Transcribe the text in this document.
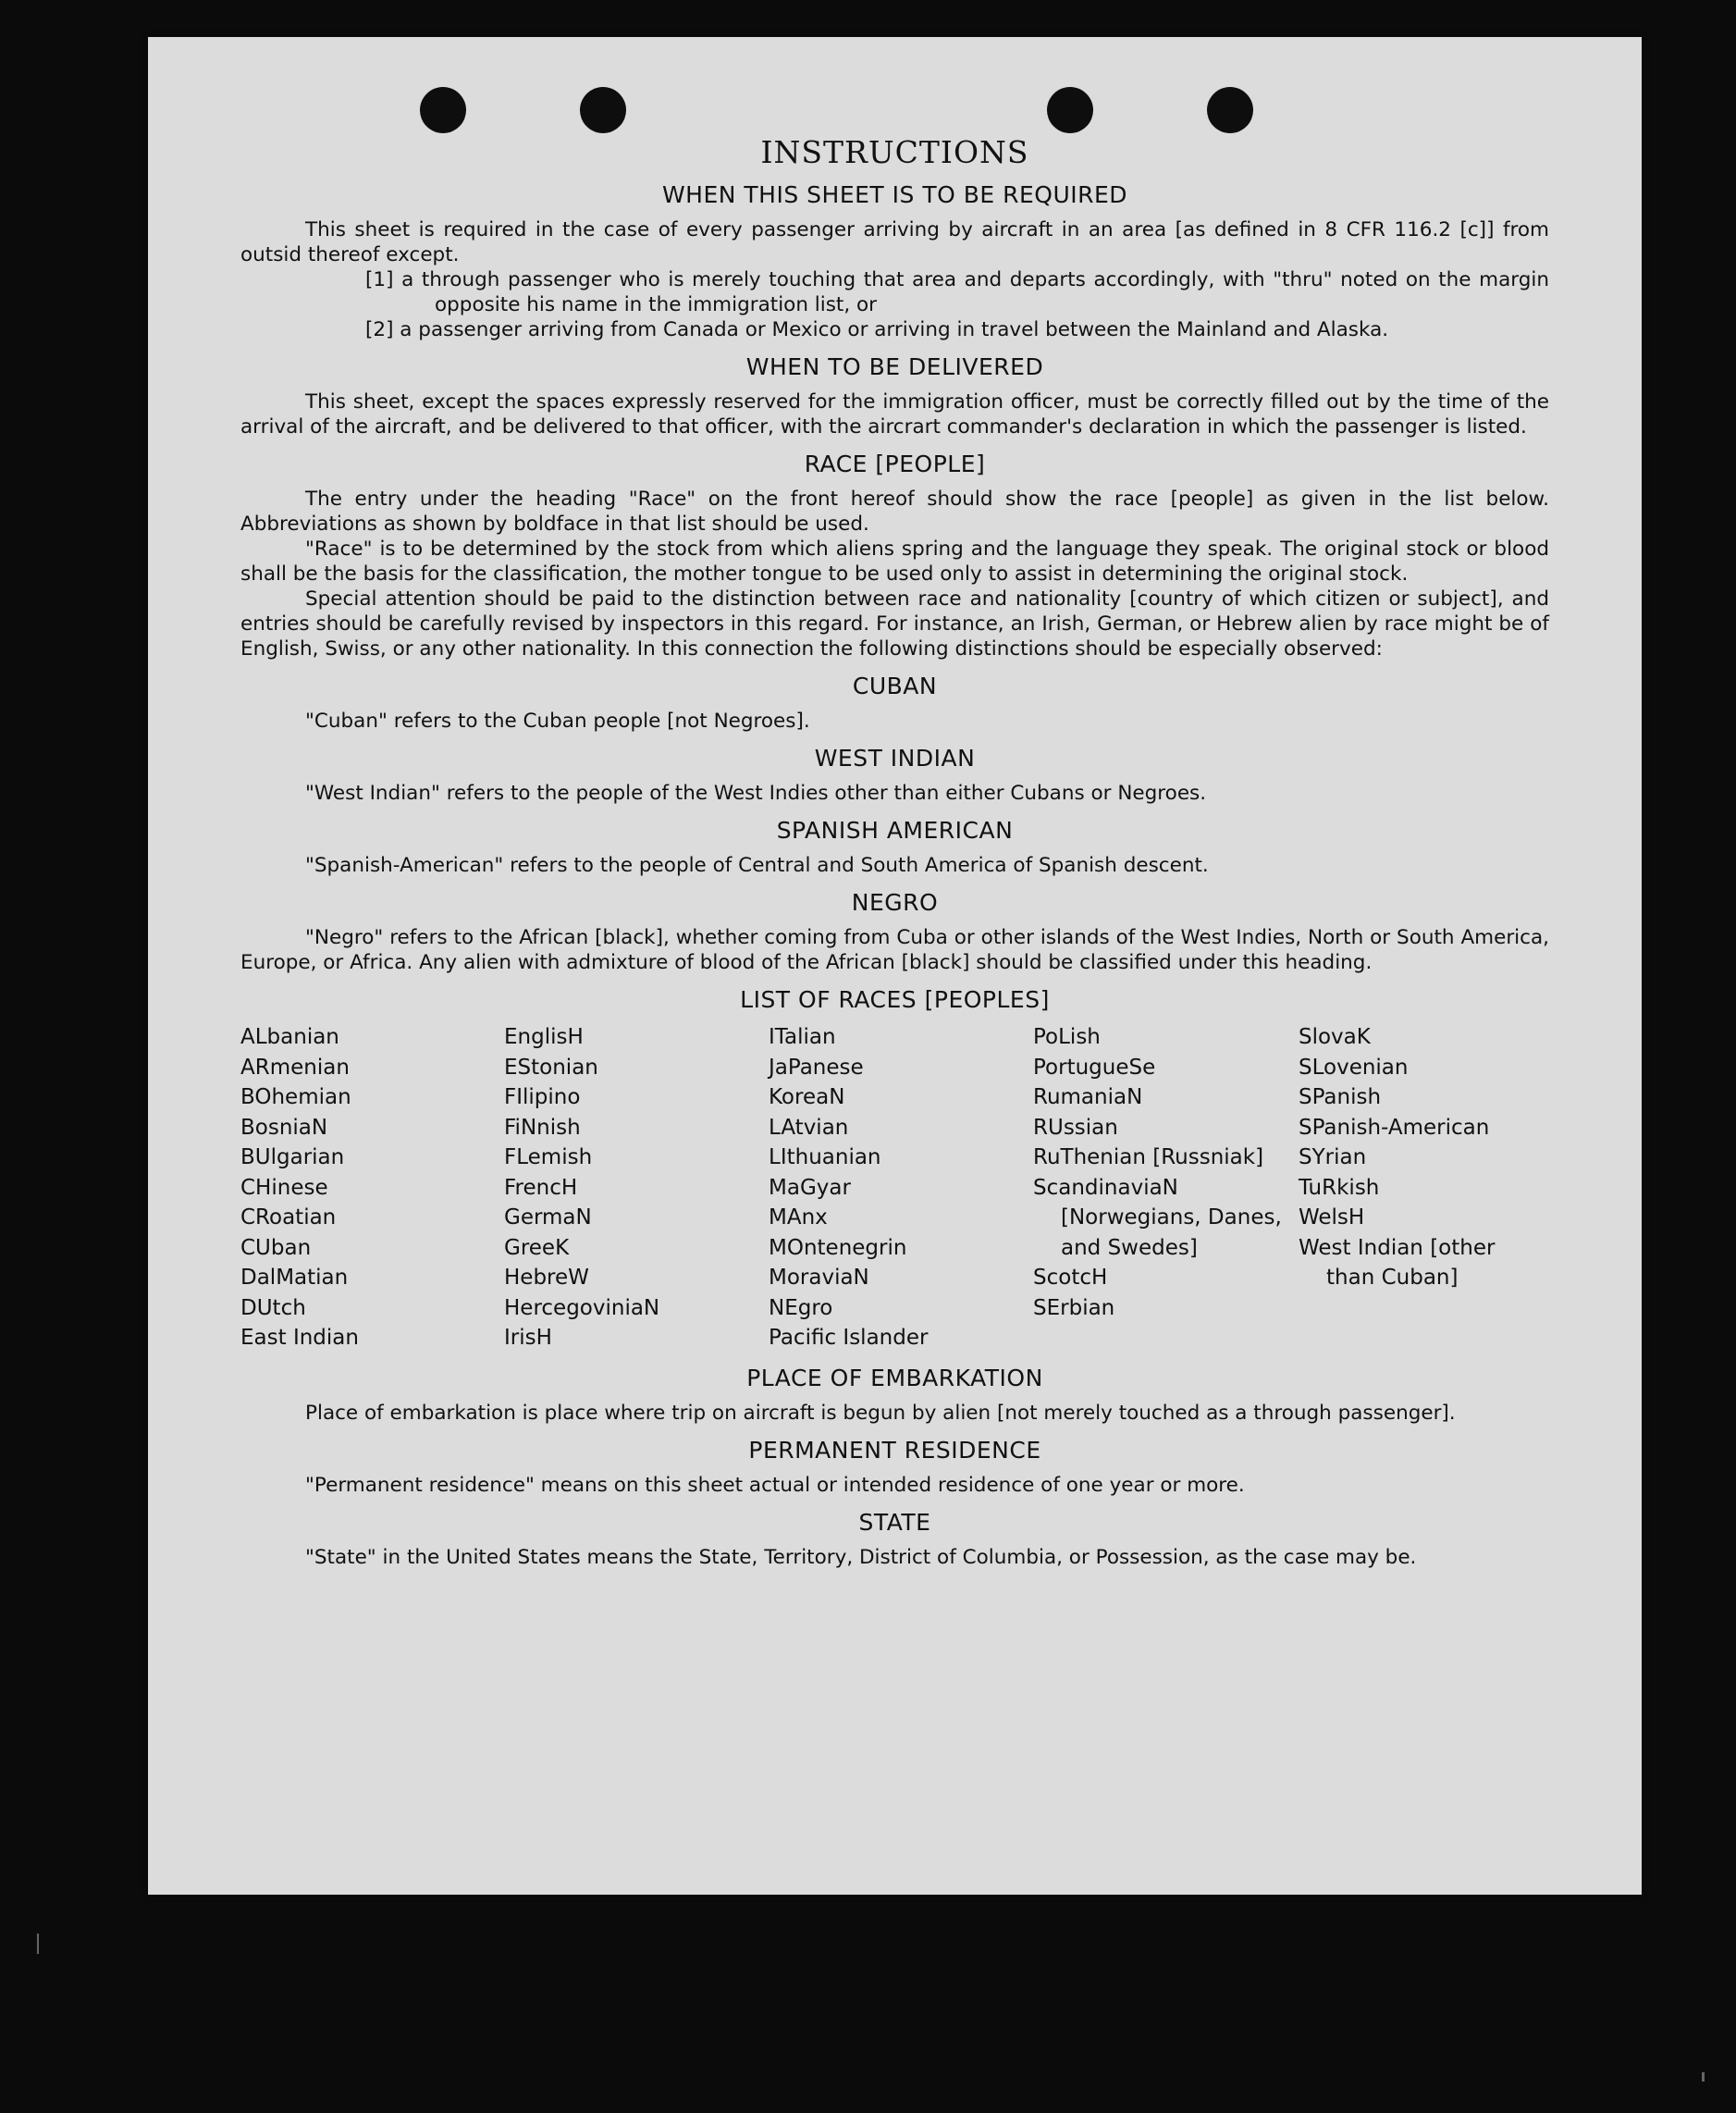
INSTRUCTIONS
WHEN THIS SHEET IS TO BE REQUIRED

This sheet is required in the case of every passenger arriving by aircraft in an area [as defined in 8 CFR 116.2 [c]] from outsid thereof except.

[1] a through passenger who is merely touching that area and departs accordingly, with "thru" noted on the margin opposite his name in the immigration list, or

[2] a passenger arriving from Canada or Mexico or arriving in travel between the Mainland and Alaska.

WHEN TO BE DELIVERED

This sheet, except the spaces expressly reserved for the immigration officer, must be correctly filled out by the time of the arrival of the aircraft, and be delivered to that officer, with the aircrart commander's declaration in which the passenger is listed.

RACE [PEOPLE]

The entry under the heading "Race" on the front hereof should show the race [people] as given in the list below. Abbreviations as shown by boldface in that list should be used.

"Race" is to be determined by the stock from which aliens spring and the language they speak. The original stock or blood shall be the basis for the classification, the mother tongue to be used only to assist in determining the original stock.

Special attention should be paid to the distinction between race and nationality [country of which citizen or subject], and entries should be carefully revised by inspectors in this regard. For instance, an Irish, German, or Hebrew alien by race might be of English, Swiss, or any other nationality. In this connection the following distinctions should be especially observed:

CUBAN

"Cuban" refers to the Cuban people [not Negroes].

WEST INDIAN

"West Indian" refers to the people of the West Indies other than either Cubans or Negroes.

SPANISH AMERICAN

"Spanish-American" refers to the people of Central and South America of Spanish descent.

NEGRO

"Negro" refers to the African [black], whether coming from Cuba or other islands of the West Indies, North or South America, Europe, or Africa. Any alien with admixture of blood of the African [black] should be classified under this heading.

LIST OF RACES [PEOPLES]
ALbanian
ARmenian
BOhemian
BosniaN
BUlgarian
CHinese
CRoatian
CUban
DalMatian
DUtch
East Indian
EnglisH
EStonian
FIlipino
FiNnish
FLemish
FrencH
GermaN
GreeK
HebreW
HercegoviniaN
IrisH
ITalian
JaPanese
KoreaN
LAtvian
LIthuanian
MaGyar
MAnx
MOntenegrin
MoraviaN
NEgro
Pacific Islander
PoLish
PortugueSe
RumaniaN
RUssian
RuThenian [Russniak]
ScandinaviaN [Norwegians, Danes, and Swedes]
ScotcH
SErbian
SlovaK
SLovenian
SPanish
SPanish-American
SYrian
TuRkish
WelsH
West Indian [other than Cuban]
PLACE OF EMBARKATION

Place of embarkation is place where trip on aircraft is begun by alien [not merely touched as a through passenger].

PERMANENT RESIDENCE

"Permanent residence" means on this sheet actual or intended residence of one year or more.

STATE

"State" in the United States means the State, Territory, District of Columbia, or Possession, as the case may be.
